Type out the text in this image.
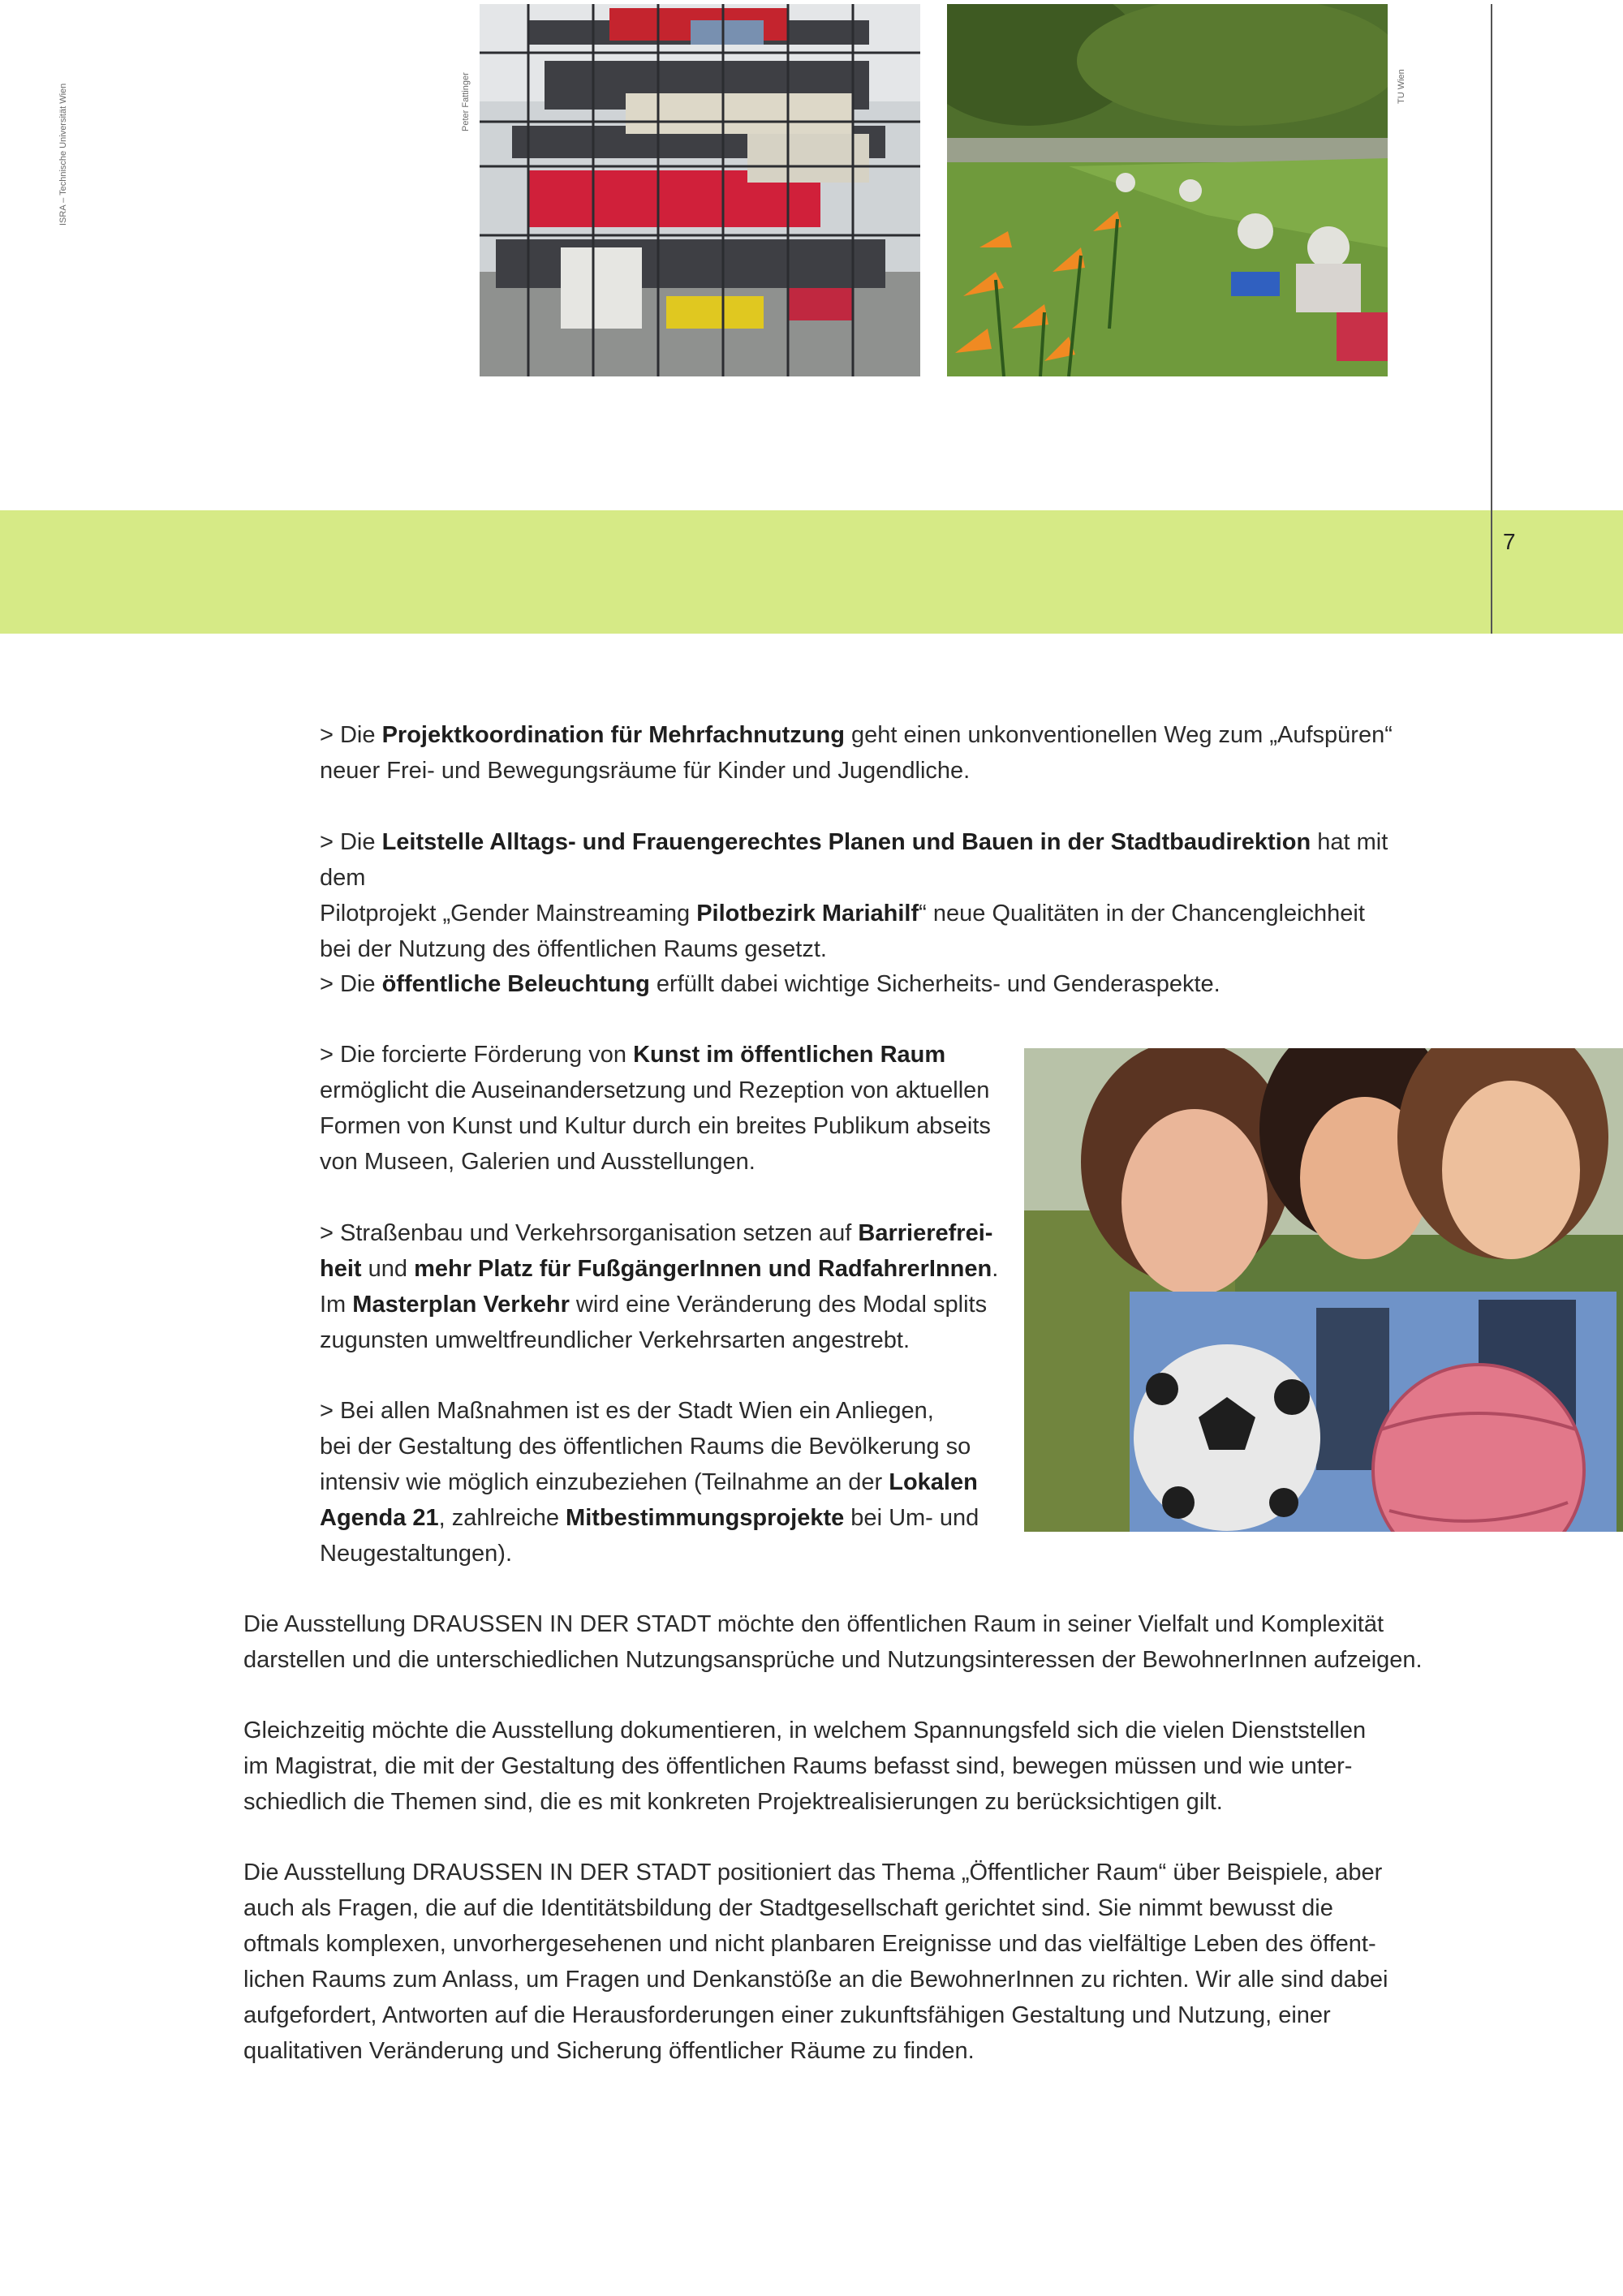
ISRA – Technische Universität Wien	Peter Fattinger	TU Wien
7

> Die Projektkoordination für Mehrfachnutzung geht einen unkonventionellen Weg zum „Aufspüren“
neuer Frei- und Bewegungsräume für Kinder und Jugendliche.

> Die Leitstelle Alltags- und Frauengerechtes Planen und Bauen in der Stadtbaudirektion hat mit dem
Pilotprojekt „Gender Mainstreaming Pilotbezirk Mariahilf“ neue Qualitäten in der Chancengleichheit
bei der Nutzung des öffentlichen Raums gesetzt.

> Die öffentliche Beleuchtung erfüllt dabei wichtige Sicherheits- und Genderaspekte.

> Die forcierte Förderung von Kunst im öffentlichen Raum
ermöglicht die Auseinandersetzung und Rezeption von aktuellen
Formen von Kunst und Kultur durch ein breites Publikum abseits
von Museen, Galerien und Ausstellungen.

> Straßenbau und Verkehrsorganisation setzen auf Barrierefrei-
heit und mehr Platz für FußgängerInnen und RadfahrerInnen.
Im Masterplan Verkehr wird eine Veränderung des Modal splits
zugunsten umweltfreundlicher Verkehrsarten angestrebt.

> Bei allen Maßnahmen ist es der Stadt Wien ein Anliegen,
bei der Gestaltung des öffentlichen Raums die Bevölkerung so
intensiv wie möglich einzubeziehen (Teilnahme an der Lokalen
Agenda 21, zahlreiche Mitbestimmungsprojekte bei Um- und
Neugestaltungen).

Die Ausstellung DRAUSSEN IN DER STADT möchte den öffentlichen Raum in seiner Vielfalt und Komplexität
darstellen und die unterschiedlichen Nutzungsansprüche und Nutzungsinteressen der BewohnerInnen aufzeigen.

Gleichzeitig möchte die Ausstellung dokumentieren, in welchem Spannungsfeld sich die vielen Dienststellen
im Magistrat, die mit der Gestaltung des öffentlichen Raums befasst sind, bewegen müssen und wie unter-
schiedlich die Themen sind, die es mit konkreten Projektrealisierungen zu berücksichtigen gilt.

Die Ausstellung DRAUSSEN IN DER STADT positioniert das Thema „Öffentlicher Raum“ über Beispiele, aber
auch als Fragen, die auf die Identitätsbildung der Stadtgesellschaft gerichtet sind. Sie nimmt bewusst die
oftmals komplexen, unvorhergesehenen und nicht planbaren Ereignisse und das vielfältige Leben des öffent-
lichen Raums zum Anlass, um Fragen und Denkanstöße an die BewohnerInnen zu richten. Wir alle sind dabei
aufgefordert, Antworten auf die Herausforderungen einer zukunftsfähigen Gestaltung und Nutzung, einer
qualitativen Veränderung und Sicherung öffentlicher Räume zu finden.
